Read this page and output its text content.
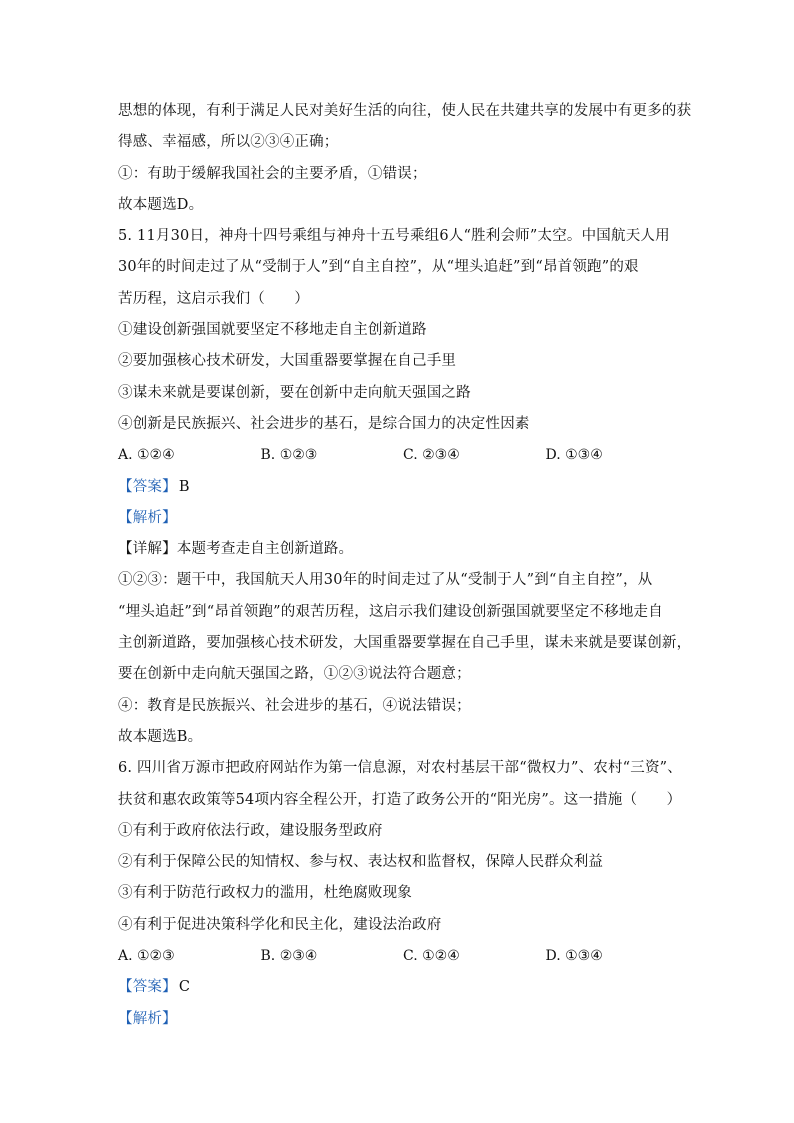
思想的体现，有利于满足人民对美好生活的向往，使人民在共建共享的发展中有更多的获
得感、幸福感，所以②③④正确；
①：有助于缓解我国社会的主要矛盾，①错误；
故本题选D。
5. 11月30日，神舟十四号乘组与神舟十五号乘组6人“胜利会师”太空。中国航天人用
30年的时间走过了从“受制于人”到“自主自控”，从“埋头追赶”到“昂首领跑”的艰
苦历程，这启示我们（　　）
①建设创新强国就要坚定不移地走自主创新道路
②要加强核心技术研发，大国重器要掌握在自己手里
③谋未来就是要谋创新，要在创新中走向航天强国之路
④创新是民族振兴、社会进步的基石，是综合国力的决定性因素
A. ①②④	B. ①②③	C. ②③④	D. ①③④
【答案】 B
【解析】
【详解】本题考查走自主创新道路。
①②③：题干中，我国航天人用30年的时间走过了从“受制于人”到“自主自控”，从
“埋头追赶”到“昂首领跑”的艰苦历程，这启示我们建设创新强国就要坚定不移地走自
主创新道路，要加强核心技术研发，大国重器要掌握在自己手里，谋未来就是要谋创新，
要在创新中走向航天强国之路，①②③说法符合题意；
④：教育是民族振兴、社会进步的基石，④说法错误；
故本题选B。
6. 四川省万源市把政府网站作为第一信息源，对农村基层干部“微权力”、农村“三资”、
扶贫和惠农政策等54项内容全程公开，打造了政务公开的“阳光房”。这一措施（　　）
①有利于政府依法行政，建设服务型政府
②有利于保障公民的知情权、参与权、表达权和监督权，保障人民群众利益
③有利于防范行政权力的滥用，杜绝腐败现象
④有利于促进决策科学化和民主化，建设法治政府
A. ①②③	B. ②③④	C. ①②④	D. ①③④
【答案】 C
【解析】
